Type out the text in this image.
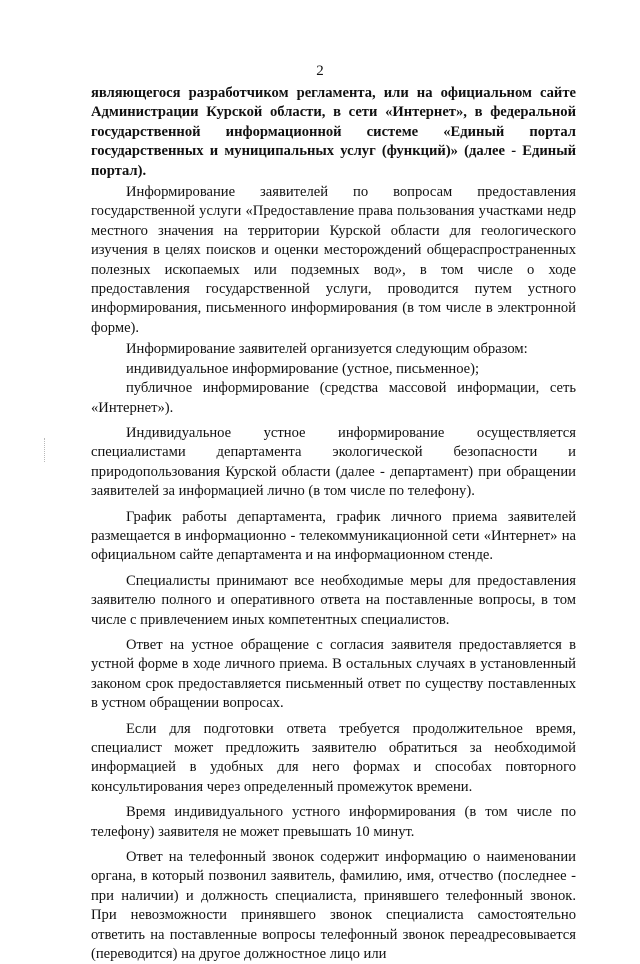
2

являющегося разработчиком регламента, или на официальном сайте Администрации Курской области, в сети «Интернет», в федеральной государственной информационной системе «Единый портал государственных и муниципальных услуг (функций)» (далее - Единый портал).

Информирование заявителей по вопросам предоставления государственной услуги «Предоставление права пользования участками недр местного значения на территории Курской области для геологического изучения в целях поисков и оценки месторождений общераспространенных полезных ископаемых или подземных вод», в том числе о ходе предоставления государственной услуги, проводится путем устного информирования, письменного информирования (в том числе в электронной форме).

Информирование заявителей организуется следующим образом:

индивидуальное информирование (устное, письменное);

публичное информирование (средства массовой информации, сеть «Интернет»).

Индивидуальное устное информирование осуществляется специалистами департамента экологической безопасности и природопользования Курской области (далее - департамент) при обращении заявителей за информацией лично (в том числе по телефону).

График работы департамента, график личного приема заявителей размещается в информационно - телекоммуникационной сети «Интернет» на официальном сайте департамента и на информационном стенде.

Специалисты принимают все необходимые меры для предоставления заявителю полного и оперативного ответа на поставленные вопросы, в том числе с привлечением иных компетентных специалистов.

Ответ на устное обращение с согласия заявителя предоставляется в устной форме в ходе личного приема. В остальных случаях в установленный законом срок предоставляется письменный ответ по существу поставленных в устном обращении вопросах.

Если для подготовки ответа требуется продолжительное время, специалист может предложить заявителю обратиться за необходимой информацией в удобных для него формах и способах повторного консультирования через определенный промежуток времени.

Время индивидуального устного информирования (в том числе по телефону) заявителя не может превышать 10 минут.

Ответ на телефонный звонок содержит информацию о наименовании органа, в который позвонил заявитель, фамилию, имя, отчество (последнее - при наличии) и должность специалиста, принявшего телефонный звонок. При невозможности принявшего звонок специалиста самостоятельно ответить на поставленные вопросы телефонный звонок переадресовывается (переводится) на другое должностное лицо или
